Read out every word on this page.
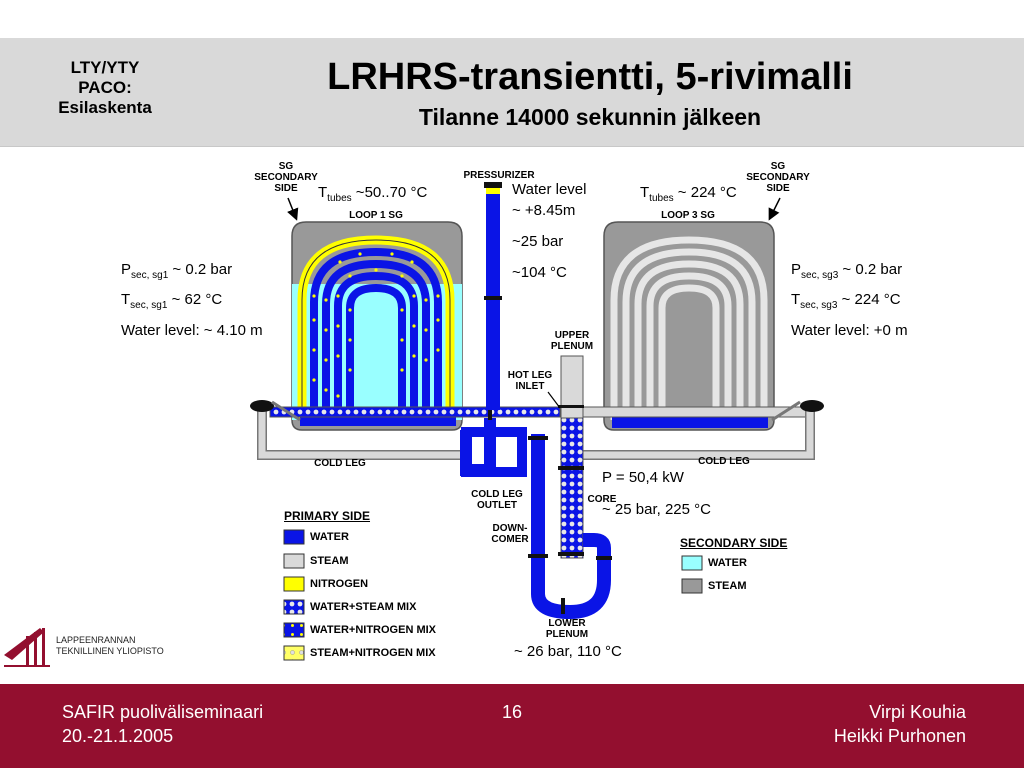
LTY/YTY
PACO:
Esilaskenta
LRHRS-transientti, 5-rivimalli
Tilanne 14000 sekunnin jälkeen
SG SECONDARY SIDE
SG SECONDARY SIDE
LOOP 1 SG	LOOP 3 SG
PRESSURIZER
UPPER PLENUM
HOT LEG INLET
COLD LEG	COLD LEG
COLD LEG OUTLET
DOWN- COMER
CORE
LOWER PLENUM
$T_{tubes}$ ~50..70 °C	$T_{tubes}$ ~ 224 °C
Water level
~ +8.45m
~25 bar
~104 °C
$P_{sec, sg1}$ ~ 0.2 bar
$T_{sec, sg1}$ ~ 62 °C
Water level: ~ 4.10 m
$P_{sec, sg3}$ ~ 0.2 bar
$T_{sec, sg3}$ ~ 224 °C
Water level: +0 m
P = 50,4 kW
~ 25 bar, 225 °C
~ 26 bar, 110 °C
PRIMARY SIDE
WATER
STEAM
NITROGEN
WATER+STEAM MIX
WATER+NITROGEN MIX
STEAM+NITROGEN MIX
SECONDARY SIDE
WATER
STEAM
LAPPEENRANNAN
TEKNILLINEN YLIOPISTO
SAFIR puoliväliseminaari
20.-21.1.2005
16	Virpi Kouhia
Heikki Purhonen
